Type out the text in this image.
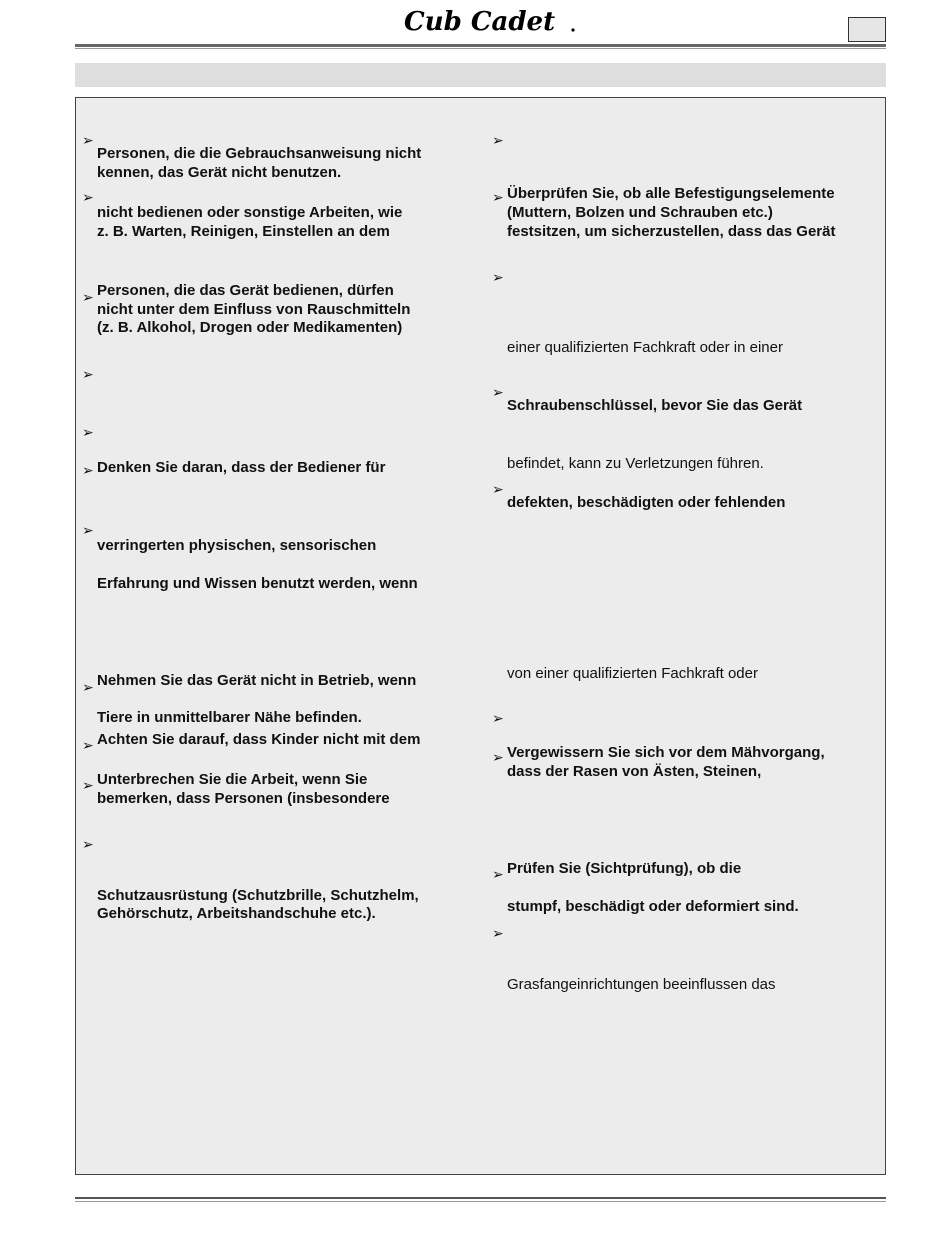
Cub Cadet
➢
➢
➢
➢
➢
➢
➢
➢
➢
➢
➢
Personen, die die Gebrauchsanweisung nicht
kennen, das Gerät nicht benutzen.
nicht bedienen oder sonstige Arbeiten, wie
z. B. Warten, Reinigen, Einstellen an dem
Personen, die das Gerät bedienen, dürfen
nicht unter dem Einfluss von Rauschmitteln
(z. B. Alkohol, Drogen oder Medikamenten)
Denken Sie daran, dass der Bediener für
verringerten physischen, sensorischen
Erfahrung und Wissen benutzt werden, wenn
Nehmen Sie das Gerät nicht in Betrieb, wenn
Tiere in unmittelbarer Nähe befinden.
Achten Sie darauf, dass Kinder nicht mit dem
Unterbrechen Sie die Arbeit, wenn Sie
bemerken, dass Personen (insbesondere
Schutzausrüstung (Schutzbrille, Schutzhelm,
Gehörschutz, Arbeitshandschuhe etc.).
➢
➢
➢
➢
➢
➢
➢
➢
➢
Überprüfen Sie, ob alle Befestigungselemente
(Muttern, Bolzen und Schrauben etc.)
festsitzen, um sicherzustellen, dass das Gerät
einer qualifizierten Fachkraft oder in einer
Schraubenschlüssel, bevor Sie das Gerät
befindet, kann zu Verletzungen führen.
defekten, beschädigten oder fehlenden
von einer qualifizierten Fachkraft oder
Vergewissern Sie sich vor dem Mähvorgang,
dass der Rasen von Ästen, Steinen,
Prüfen Sie (Sichtprüfung), ob die
stumpf, beschädigt oder deformiert sind.
Grasfangeinrichtungen beeinflussen das
